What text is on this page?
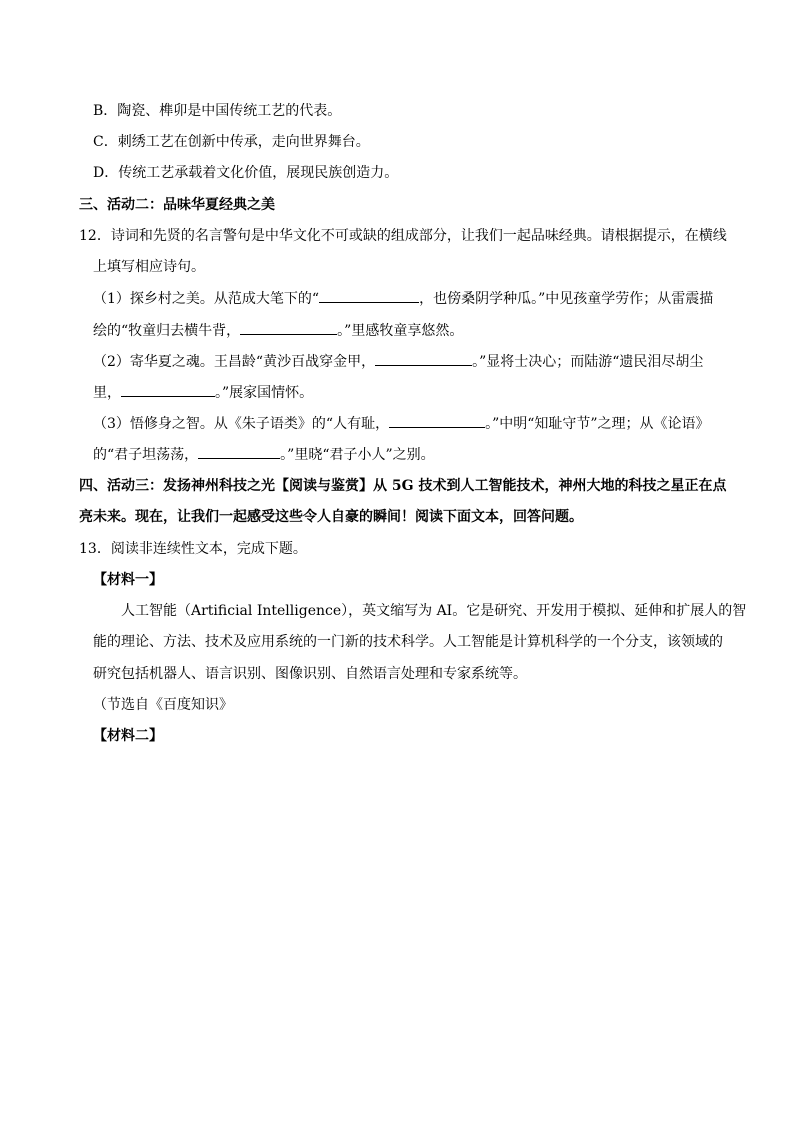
B．陶瓷、榫卯是中国传统工艺的代表。
C．刺绣工艺在创新中传承，走向世界舞台。
D．传统工艺承载着文化价值，展现民族创造力。
三、活动二：品味华夏经典之美
12．诗词和先贤的名言警句是中华文化不可或缺的组成部分，让我们一起品味经典。请根据提示，在横线
上填写相应诗句。
（1）探乡村之美。从范成大笔下的“	，也傍桑阴学种瓜。”中见孩童学劳作；从雷震描
绘的“牧童归去横牛背，	。”里感牧童享悠然。
（2）寄华夏之魂。王昌龄“黄沙百战穿金甲，	。”显将士决心；而陆游“遗民泪尽胡尘
里，	。”展家国情怀。
（3）悟修身之智。从《朱子语类》的“人有耻，	。”中明“知耻守节”之理；从《论语》
的“君子坦荡荡，	。”里晓“君子小人”之别。
四、活动三：发扬神州科技之光【阅读与鉴赏】从 5G 技术到人工智能技术，神州大地的科技之星正在点
亮未来。现在，让我们一起感受这些令人自豪的瞬间！阅读下面文本，回答问题。
13．阅读非连续性文本，完成下题。
【材料一】
人工智能（Artificial Intelligence），英文缩写为 AI。它是研究、开发用于模拟、延伸和扩展人的智
能的理论、方法、技术及应用系统的一门新的技术科学。人工智能是计算机科学的一个分支，该领域的
研究包括机器人、语言识别、图像识别、自然语言处理和专家系统等。
（节选自《百度知识》
【材料二】
